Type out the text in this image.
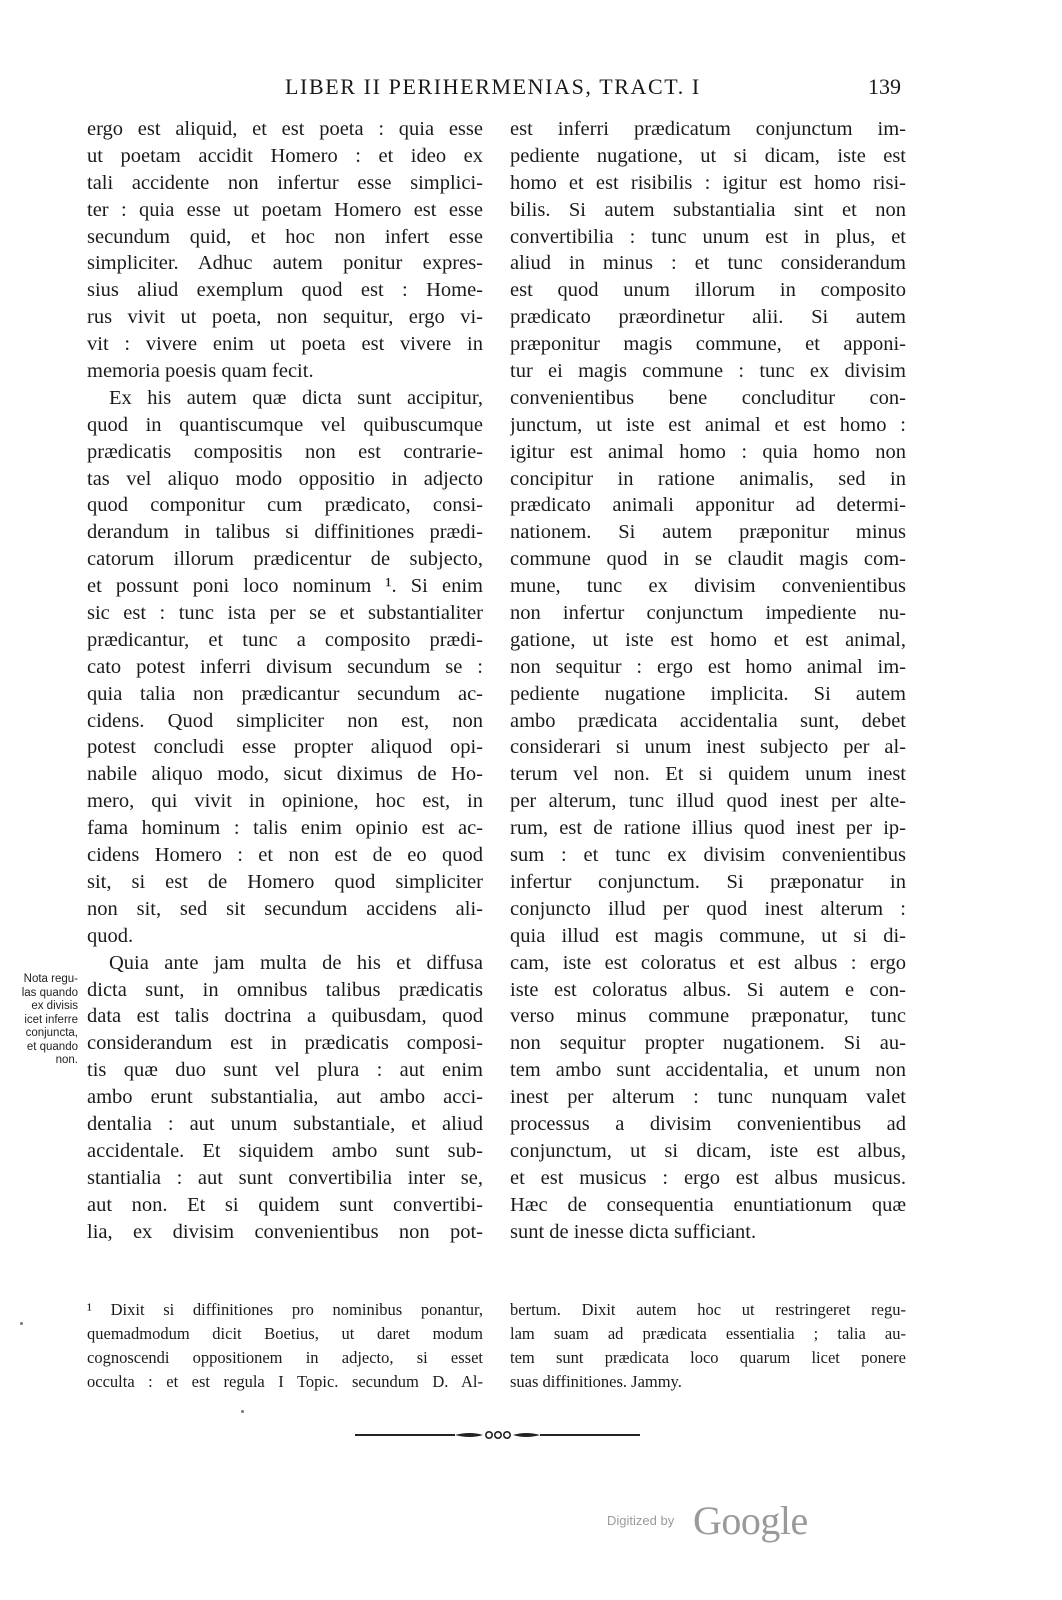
LIBER II PERIHERMENIAS, TRACT. I	139
ergo est aliquid, et est poeta : quia esse
ut poetam accidit Homero : et ideo ex
tali accidente non infertur esse simplici-
ter : quia esse ut poetam Homero est esse
secundum quid, et hoc non infert esse
simpliciter. Adhuc autem ponitur expres-
sius aliud exemplum quod est : Home-
rus vivit ut poeta, non sequitur, ergo vi-
vit : vivere enim ut poeta est vivere in
memoria poesis quam fecit.
Ex his autem quæ dicta sunt accipitur,
quod in quantiscumque vel quibuscumque
prædicatis compositis non est contrarie-
tas vel aliquo modo oppositio in adjecto
quod componitur cum prædicato, consi-
derandum in talibus si diffinitiones prædi-
catorum illorum prædicentur de subjecto,
et possunt poni loco nominum ¹. Si enim
sic est : tunc ista per se et substantialiter
prædicantur, et tunc a composito prædi-
cato potest inferri divisum secundum se :
quia talia non prædicantur secundum ac-
cidens. Quod simpliciter non est, non
potest concludi esse propter aliquod opi-
nabile aliquo modo, sicut diximus de Ho-
mero, qui vivit in opinione, hoc est, in
fama hominum : talis enim opinio est ac-
cidens Homero : et non est de eo quod
sit, si est de Homero quod simpliciter
non sit, sed sit secundum accidens ali-
quod.
Quia ante jam multa de his et diffusa
dicta sunt, in omnibus talibus prædicatis
data est talis doctrina a quibusdam, quod
considerandum est in prædicatis composi-
tis quæ duo sunt vel plura : aut enim
ambo erunt substantialia, aut ambo acci-
dentalia : aut unum substantiale, et aliud
accidentale. Et siquidem ambo sunt sub-
stantialia : aut sunt convertibilia inter se,
aut non. Et si quidem sunt convertibi-
lia, ex divisim convenientibus non pot-
est inferri prædicatum conjunctum im-
pediente nugatione, ut si dicam, iste est
homo et est risibilis : igitur est homo risi-
bilis. Si autem substantialia sint et non
convertibilia : tunc unum est in plus, et
aliud in minus : et tunc considerandum
est quod unum illorum in composito
prædicato præordinetur alii. Si autem
præponitur magis commune, et apponi-
tur ei magis commune : tunc ex divisim
convenientibus bene concluditur con-
junctum, ut iste est animal et est homo :
igitur est animal homo : quia homo non
concipitur in ratione animalis, sed in
prædicato animali apponitur ad determi-
nationem. Si autem præponitur minus
commune quod in se claudit magis com-
mune, tunc ex divisim convenientibus
non infertur conjunctum impediente nu-
gatione, ut iste est homo et est animal,
non sequitur : ergo est homo animal im-
pediente nugatione implicita. Si autem
ambo prædicata accidentalia sunt, debet
considerari si unum inest subjecto per al-
terum vel non. Et si quidem unum inest
per alterum, tunc illud quod inest per alte-
rum, est de ratione illius quod inest per ip-
sum : et tunc ex divisim convenientibus
infertur conjunctum. Si præponatur in
conjuncto illud per quod inest alterum :
quia illud est magis commune, ut si di-
cam, iste est coloratus et est albus : ergo
iste est coloratus albus. Si autem e con-
verso minus commune præponatur, tunc
non sequitur propter nugationem. Si au-
tem ambo sunt accidentalia, et unum non
inest per alterum : tunc nunquam valet
processus a divisim convenientibus ad
conjunctum, ut si dicam, iste est albus,
et est musicus : ergo est albus musicus.
Hæc de consequentia enuntiationum quæ
sunt de inesse dicta sufficiant.
Nota regu-
las quando
ex divisis
icet inferre
conjuncta,
et quando
non.
¹ Dixit si diffinitiones pro nominibus ponantur,
quemadmodum dicit Boetius, ut daret modum
cognoscendi oppositionem in adjecto, si esset
occulta : et est regula I Topic. secundum D. Al-
bertum. Dixit autem hoc ut restringeret regu-
lam suam ad prædicata essentialia ; talia au-
tem sunt prædicata loco quarum licet ponere
suas diffinitiones. Jammy.
Digitized by Google
